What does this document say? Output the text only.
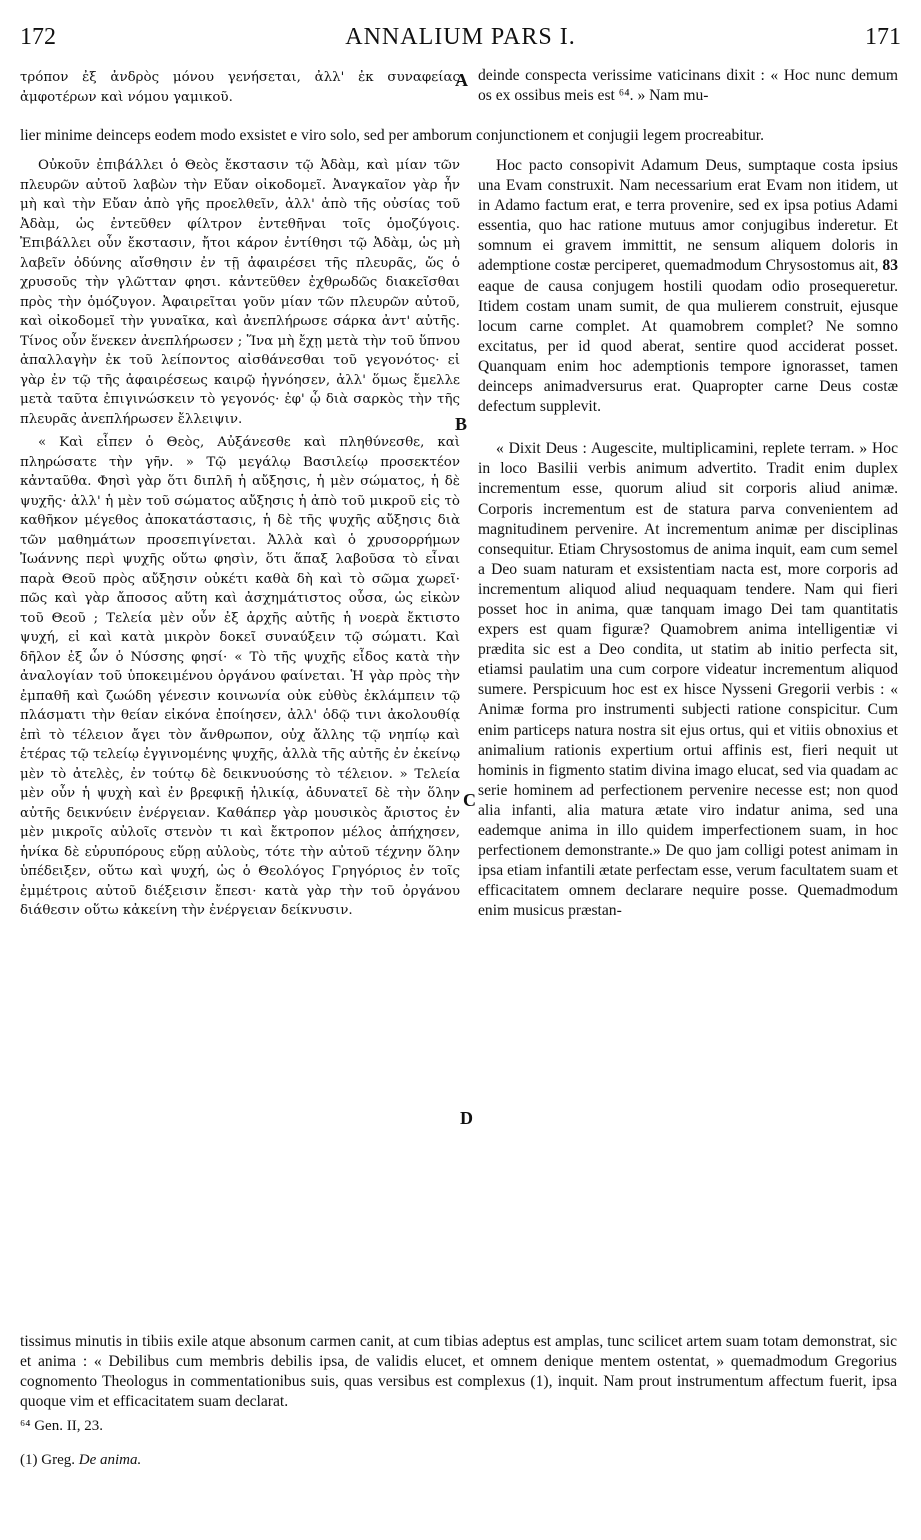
172	ANNALIUM PARS I.	171

τρόπον ἐξ ἀνδρὸς μόνου γενήσεται, ἀλλ' ἐκ συναφείας ἀμφοτέρων καὶ νόμου γαμικοῦ.

A deinde conspecta verissime vaticinans dixit : « Hoc nunc demum os ex ossibus meis est ⁶⁴. » Nam mu-

lier minime deinceps eodem modo exsistet e viro solo, sed per amborum conjunctionem et conjugii legem procreabitur.

Οὐκοῦν ἐπιβάλλει ὁ Θεὸς ἔκστασιν τῷ Ἀδὰμ, καὶ μίαν τῶν πλευρῶν αὐτοῦ λαβὼν τὴν Εὔαν οἰκοδομεῖ. Ἀναγκαῖον γὰρ ἦν μὴ καὶ τὴν Εὔαν ἀπὸ γῆς προελθεῖν, ἀλλ' ἀπὸ τῆς οὐσίας τοῦ Ἀδὰμ, ὡς ἐντεῦθεν φίλτρον ἐντεθῆναι τοῖς ὁμοζύγοις. Ἐπιβάλλει οὖν ἔκστασιν, ἤτοι κάρον ἐντίθησι τῷ Ἀδὰμ, ὡς μὴ λαβεῖν ὀδύνης αἴσθησιν ἐν τῇ ἀφαιρέσει τῆς πλευρᾶς, ὥς ὁ χρυσοῦς τὴν γλῶτταν φησι. κἀντεῦθεν ἐχθρωδῶς διακεῖσθαι πρὸς τὴν ὁμόζυγον. Ἀφαιρεῖται γοῦν μίαν τῶν πλευρῶν αὐτοῦ, καὶ οἰκοδομεῖ τὴν γυναῖκα, καὶ ἀνεπλήρωσε σάρκα ἀντ' αὐτῆς. Τίνος οὖν ἕνεκεν ἀνεπλήρωσεν ; Ἵνα μὴ ἔχῃ μετὰ τὴν τοῦ ὕπνου ἀπαλλαγὴν ἐκ τοῦ λείποντος αἰσθάνεσθαι τοῦ γεγονότος· εἰ γὰρ ἐν τῷ τῆς ἀφαιρέσεως καιρῷ ἠγνόησεν, ἀλλ' ὅμως ἔμελλε μετὰ ταῦτα ἐπιγινώσκειν τὸ γεγονός· ἐφ' ᾧ διὰ σαρκὸς τὴν τῆς πλευρᾶς ἀνεπλήρωσεν ἔλλειψιν.

« Καὶ εἶπεν ὁ Θεὸς, Αὐξάνεσθε καὶ πληθύνεσθε, καὶ πληρώσατε τὴν γῆν. » Τῷ μεγάλῳ Βασιλείῳ προσεκτέον κἀνταῦθα. Φησὶ γὰρ ὅτι διπλῆ ἡ αὔξησις, ἡ μὲν σώματος, ἡ δὲ ψυχῆς· ἀλλ' ἡ μὲν τοῦ σώματος αὔξησις ἡ ἀπὸ τοῦ μικροῦ εἰς τὸ καθῆκον μέγεθος ἀποκατάστασις, ἡ δὲ τῆς ψυχῆς αὔξησις διὰ τῶν μαθημάτων προσεπιγίνεται. Ἀλλὰ καὶ ὁ χρυσορρήμων Ἰωάννης περὶ ψυχῆς οὕτω φησὶν, ὅτι ἅπαξ λαβοῦσα τὸ εἶναι παρὰ Θεοῦ πρὸς αὔξησιν οὐκέτι καθὰ δὴ καὶ τὸ σῶμα χωρεῖ· πῶς καὶ γὰρ ἄποσος αὕτη καὶ ἀσχημάτιστος οὖσα, ὡς εἰκὼν τοῦ Θεοῦ ; Τελεία μὲν οὖν ἐξ ἀρχῆς αὐτῆς ἡ νοερὰ ἔκτιστο ψυχή, εἰ καὶ κατὰ μικρὸν δοκεῖ συναύξειν τῷ σώματι. Καὶ δῆλον ἐξ ὧν ὁ Νύσσης φησί· « Τὸ τῆς ψυχῆς εἶδος κατὰ τὴν ἀναλογίαν τοῦ ὑποκειμένου ὀργάνου φαίνεται. Ἡ γὰρ πρὸς τὴν ἐμπαθῆ καὶ ζωώδη γένεσιν κοινωνία οὐκ εὐθὺς ἐκλάμπειν τῷ πλάσματι τὴν θείαν εἰκόνα ἐποίησεν, ἀλλ' ὁδῷ τινι ἀκολουθίᾳ ἐπὶ τὸ τέλειον ἄγει τὸν ἄνθρωπον, οὐχ ἄλλης τῷ νηπίῳ καὶ ἑτέρας τῷ τελείῳ ἐγγινομένης ψυχῆς, ἀλλὰ τῆς αὐτῆς ἐν ἐκείνῳ μὲν τὸ ἀτελὲς, ἐν τούτῳ δὲ δεικνυούσης τὸ τέλειον. » Τελεία μὲν οὖν ἡ ψυχὴ καὶ ἐν βρεφικῇ ἡλικίᾳ, ἀδυνατεῖ δὲ τὴν ὅλην αὐτῆς δεικνύειν ἐνέργειαν. Καθάπερ γὰρ μουσικὸς ἄριστος ἐν μὲν μικροῖς αὐλοῖς στενὸν τι καὶ ἔκτροπον μέλος ἀπήχησεν, ἡνίκα δὲ εὐρυπόρους εὕρῃ αὐλοὺς, τότε τὴν αὐτοῦ τέχνην ὅλην ὑπέδειξεν, οὕτω καὶ ψυχή, ὡς ὁ Θεολόγος Γρηγόριος ἐν τοῖς ἐμμέτροις αὐτοῦ διέξεισιν ἔπεσι· κατὰ γὰρ τὴν τοῦ ὀργάνου διάθεσιν οὕτω κἀκείνη τὴν ἐνέργειαν δείκνυσιν.

B
C
D

Hoc pacto consopivit Adamum Deus, sumptaque costa ipsius una Evam construxit. Nam necessarium erat Evam non itidem, ut in Adamo factum erat, e terra provenire, sed ex ipsa potius Adami essentia, quo hac ratione mutuus amor conjugibus inderetur. Et somnum ei gravem immittit, ne sensum aliquem doloris in ademptione costæ perciperet, quemadmodum Chrysostomus ait, 83 eaque de causa conjugem hostili quodam odio prosequeretur. Itidem costam unam sumit, de qua mulierem construit, ejusque locum carne complet. At quamobrem complet? Ne somno excitatus, per id quod aberat, sentire quod acciderat posset. Quanquam enim hoc ademptionis tempore ignorasset, tamen deinceps animadversurus erat. Quapropter carne Deus costæ defectum supplevit.

« Dixit Deus : Augescite, multiplicamini, replete terram. » Hoc in loco Basilii verbis animum advertito. Tradit enim duplex incrementum esse, quorum aliud sit corporis aliud animæ. Corporis incrementum est de statura parva convenientem ad magnitudinem pervenire. At incrementum animæ per disciplinas consequitur. Etiam Chrysostomus de anima inquit, eam cum semel a Deo suam naturam et exsistentiam nacta est, more corporis ad incrementum aliquod aliud nequaquam tendere. Nam qui fieri posset hoc in anima, quæ tanquam imago Dei tam quantitatis expers est quam figuræ? Quamobrem anima intelligentiæ vi prædita sic est a Deo condita, ut statim ab initio perfecta sit, etiamsi paulatim una cum corpore videatur incrementum aliquod sumere. Perspicuum hoc est ex hisce Nysseni Gregorii verbis : « Animæ forma pro instrumenti subjecti ratione conspicitur. Cum enim particeps natura nostra sit ejus ortus, qui et vitiis obnoxius et animalium rationis expertium ortui affinis est, fieri nequit ut hominis in figmento statim divina imago elucat, sed via quadam ac serie hominem ad perfectionem pervenire necesse est; non quod alia infanti, alia matura ætate viro indatur anima, sed una eademque anima in illo quidem imperfectionem suam, in hoc perfectionem demonstrante.» De quo jam colligi potest animam in ipsa etiam infantili ætate perfectam esse, verum facultatem suam et efficacitatem omnem declarare nequire posse. Quemadmodum enim musicus præstan-

tissimus minutis in tibiis exile atque absonum carmen canit, at cum tibias adeptus est amplas, tunc scilicet artem suam totam demonstrat, sic et anima : « Debilibus cum membris debilis ipsa, de validis elucet, et omnem denique mentem ostentat, » quemadmodum Gregorius cognomento Theologus in commentationibus suis, quas versibus est complexus (1), inquit. Nam prout instrumentum affectum fuerit, ipsa quoque vim et efficacitatem suam declarat.

⁶⁴ Gen. II, 23.

(1) Greg. De anima.
